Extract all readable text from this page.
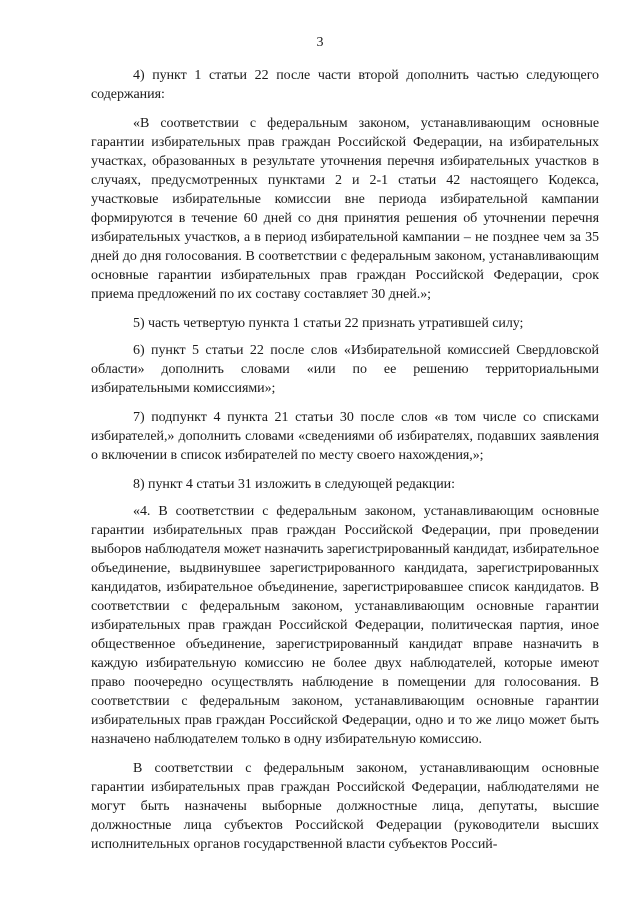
3

4) пункт 1 статьи 22 после части второй дополнить частью следующего содержания:

«В соответствии с федеральным законом, устанавливающим основные гарантии избирательных прав граждан Российской Федерации, на избирательных участках, образованных в результате уточнения перечня избирательных участков в случаях, предусмотренных пунктами 2 и 2-1 статьи 42 настоящего Кодекса, участковые избирательные комиссии вне периода избирательной кампании формируются в течение 60 дней со дня принятия решения об уточнении перечня избирательных участков, а в период избирательной кампании – не позднее чем за 35 дней до дня голосования. В соответствии с федеральным законом, устанавливающим основные гарантии избирательных прав граждан Российской Федерации, срок приема предложений по их составу составляет 30 дней.»;

5) часть четвертую пункта 1 статьи 22 признать утратившей силу;

6) пункт 5 статьи 22 после слов «Избирательной комиссией Свердловской области» дополнить словами «или по ее решению территориальными избирательными комиссиями»;

7) подпункт 4 пункта 21 статьи 30 после слов «в том числе со списками избирателей,» дополнить словами «сведениями об избирателях, подавших заявления о включении в список избирателей по месту своего нахождения,»;

8) пункт 4 статьи 31 изложить в следующей редакции:

«4. В соответствии с федеральным законом, устанавливающим основные гарантии избирательных прав граждан Российской Федерации, при проведении выборов наблюдателя может назначить зарегистрированный кандидат, избирательное объединение, выдвинувшее зарегистрированного кандидата, зарегистрированных кандидатов, избирательное объединение, зарегистрировавшее список кандидатов. В соответствии с федеральным законом, устанавливающим основные гарантии избирательных прав граждан Российской Федерации, политическая партия, иное общественное объединение, зарегистрированный кандидат вправе назначить в каждую избирательную комиссию не более двух наблюдателей, которые имеют право поочередно осуществлять наблюдение в помещении для голосования. В соответствии с федеральным законом, устанавливающим основные гарантии избирательных прав граждан Российской Федерации, одно и то же лицо может быть назначено наблюдателем только в одну избирательную комиссию.

В соответствии с федеральным законом, устанавливающим основные гарантии избирательных прав граждан Российской Федерации, наблюдателями не могут быть назначены выборные должностные лица, депутаты, высшие должностные лица субъектов Российской Федерации (руководители высших исполнительных органов государственной власти субъектов Россий-
